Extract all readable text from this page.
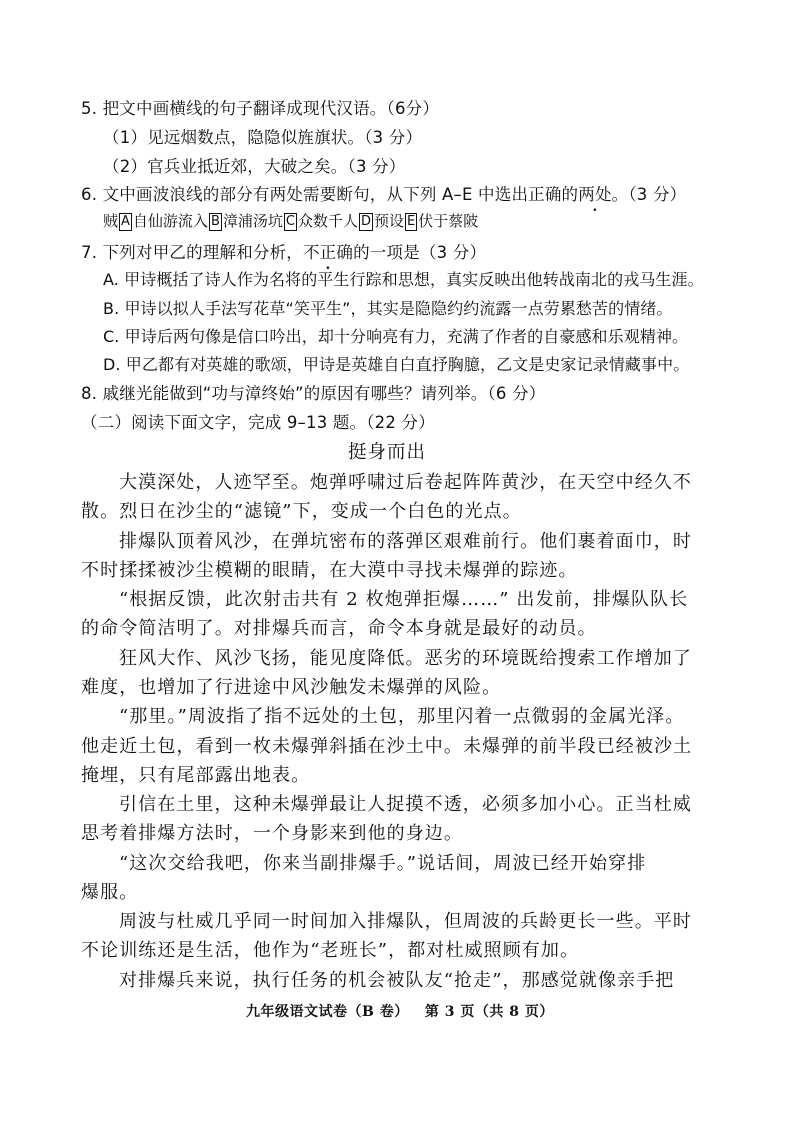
5. 把文中画横线的句子翻译成现代汉语。（6分）
（1）见远烟数点，隐隐似旌旗状。（3 分）
（2）官兵业抵近郊，大破之矣。（3 分）
6. 文中画波浪线的部分有两处需要断句，从下列 A–E 中选出正确的两处。（3 分）
贼 A 自仙游流入 B 漳浦汤坑 C 众数千人 D 预设 E 伏于蔡陂
7. 下列对甲乙的理解和分析，不正确的一项是（3 分）
A. 甲诗概括了诗人作为名将的平生行踪和思想，真实反映出他转战南北的戎马生涯。
B. 甲诗以拟人手法写花草“笑平生”，其实是隐隐约约流露一点劳累愁苦的情绪。
C. 甲诗后两句像是信口吟出，却十分响亮有力，充满了作者的自豪感和乐观精神。
D. 甲乙都有对英雄的歌颂，甲诗是英雄自白直抒胸臆，乙文是史家记录情藏事中。
8. 戚继光能做到“功与漳终始”的原因有哪些？请列举。（6 分）
（二）阅读下面文字，完成 9–13 题。（22 分）
挺身而出
大漠深处，人迹罕至。炮弹呼啸过后卷起阵阵黄沙，在天空中经久不
散。烈日在沙尘的“滤镜”下，变成一个白色的光点。
排爆队顶着风沙，在弹坑密布的落弹区艰难前行。他们裹着面巾，时
不时揉揉被沙尘模糊的眼睛，在大漠中寻找未爆弹的踪迹。
“根据反馈，此次射击共有 2 枚炮弹拒爆……” 出发前，排爆队队长
的命令简洁明了。对排爆兵而言，命令本身就是最好的动员。
狂风大作、风沙飞扬，能见度降低。恶劣的环境既给搜索工作增加了
难度，也增加了行进途中风沙触发未爆弹的风险。
“那里。”周波指了指不远处的土包，那里闪着一点微弱的金属光泽。
他走近土包，看到一枚未爆弹斜插在沙土中。未爆弹的前半段已经被沙土
掩埋，只有尾部露出地表。
引信在土里，这种未爆弹最让人捉摸不透，必须多加小心。正当杜威
思考着排爆方法时，一个身影来到他的身边。
“这次交给我吧，你来当副排爆手。”说话间，周波已经开始穿排
爆服。
周波与杜威几乎同一时间加入排爆队，但周波的兵龄更长一些。平时
不论训练还是生活，他作为“老班长”，都对杜威照顾有加。
对排爆兵来说，执行任务的机会被队友“抢走”，那感觉就像亲手把
九年级语文试卷（B 卷） 第 3 页（共 8 页）
